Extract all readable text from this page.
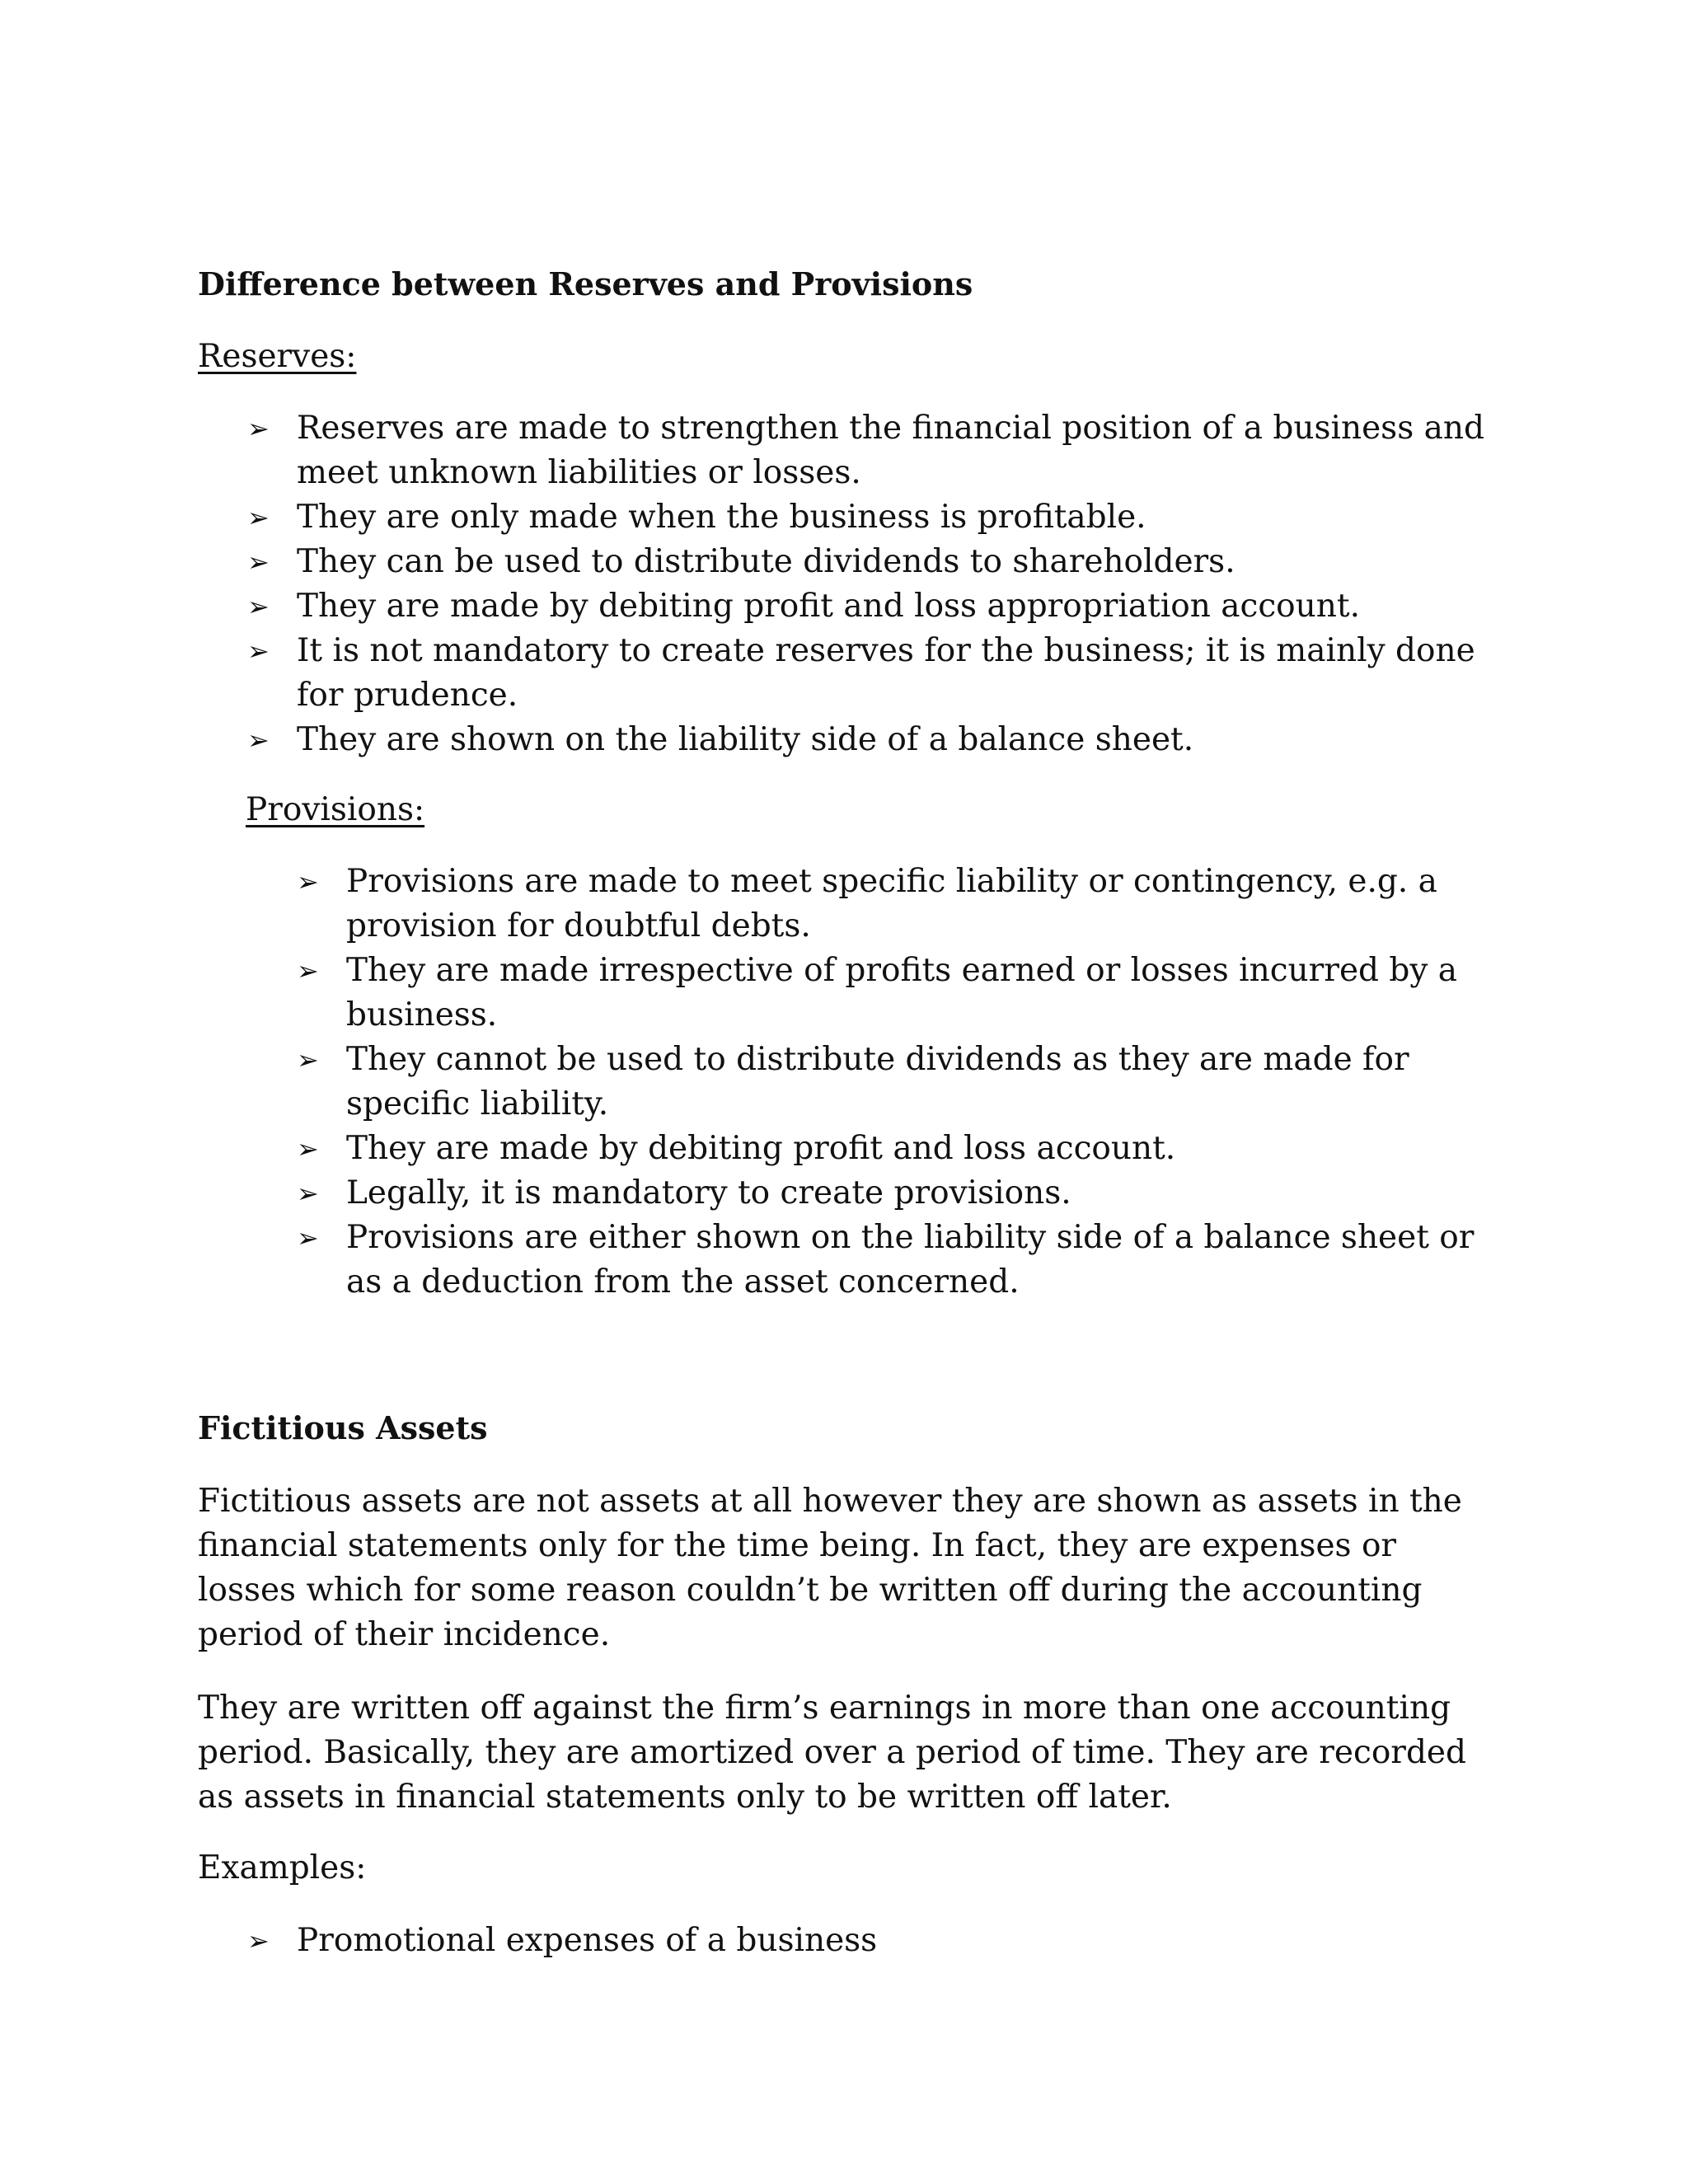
Difference between Reserves and Provisions

Reserves:

➢ Reserves are made to strengthen the financial position of a business and meet unknown liabilities or losses.
➢ They are only made when the business is profitable.
➢ They can be used to distribute dividends to shareholders.
➢ They are made by debiting profit and loss appropriation account.
➢ It is not mandatory to create reserves for the business; it is mainly done for prudence.
➢ They are shown on the liability side of a balance sheet.

Provisions:

➢ Provisions are made to meet specific liability or contingency, e.g. a provision for doubtful debts.
➢ They are made irrespective of profits earned or losses incurred by a business.
➢ They cannot be used to distribute dividends as they are made for specific liability.
➢ They are made by debiting profit and loss account.
➢ Legally, it is mandatory to create provisions.
➢ Provisions are either shown on the liability side of a balance sheet or as a deduction from the asset concerned.

Fictitious Assets

Fictitious assets are not assets at all however they are shown as assets in the financial statements only for the time being. In fact, they are expenses or losses which for some reason couldn’t be written off during the accounting period of their incidence.

They are written off against the firm’s earnings in more than one accounting period. Basically, they are amortized over a period of time. They are recorded as assets in financial statements only to be written off later.

Examples:

➢ Promotional expenses of a business
